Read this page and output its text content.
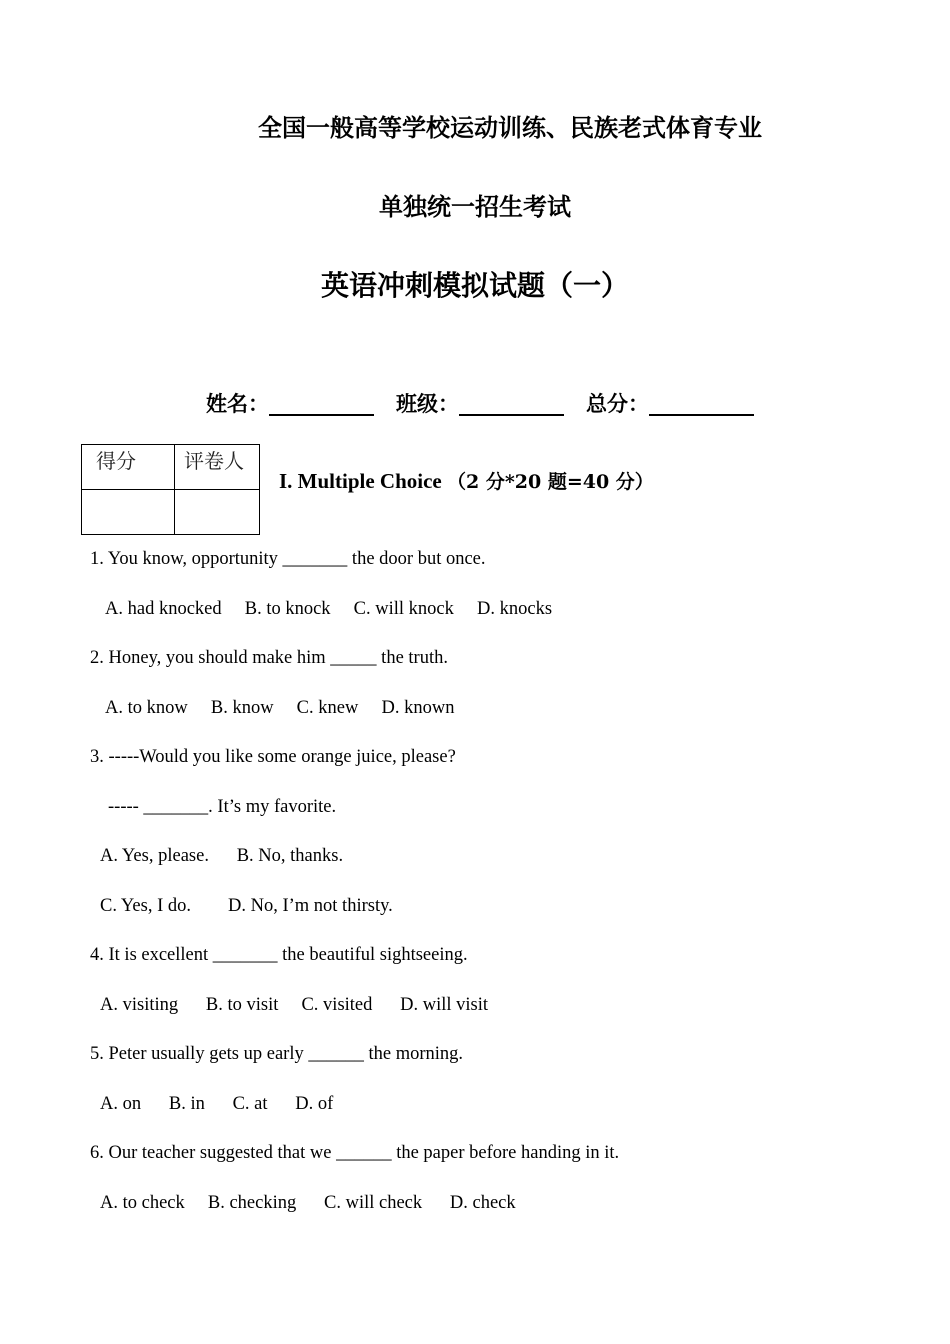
全国一般高等学校运动训练、民族老式体育专业
单独统一招生考试
英语冲刺模拟试题（一）
姓名：__________ 班级：__________ 总分：__________
得分	评卷人

I. Multiple Choice （2 分*20 题=40 分）
1. You know, opportunity _______ the door but once.
A. had knocked     B. to knock     C. will knock     D. knocks
2. Honey, you should make him _____ the truth.
A. to know     B. know     C. knew     D. known
3. -----Would you like some orange juice, please?
----- _______. It’s my favorite.
A. Yes, please.      B. No, thanks.
C. Yes, I do.        D. No, I’m not thirsty.
4. It is excellent _______ the beautiful sightseeing.
A. visiting      B. to visit     C. visited      D. will visit
5. Peter usually gets up early ______ the morning.
A. on      B. in      C. at      D. of
6. Our teacher suggested that we ______ the paper before handing in it.
A. to check     B. checking      C. will check      D. check
